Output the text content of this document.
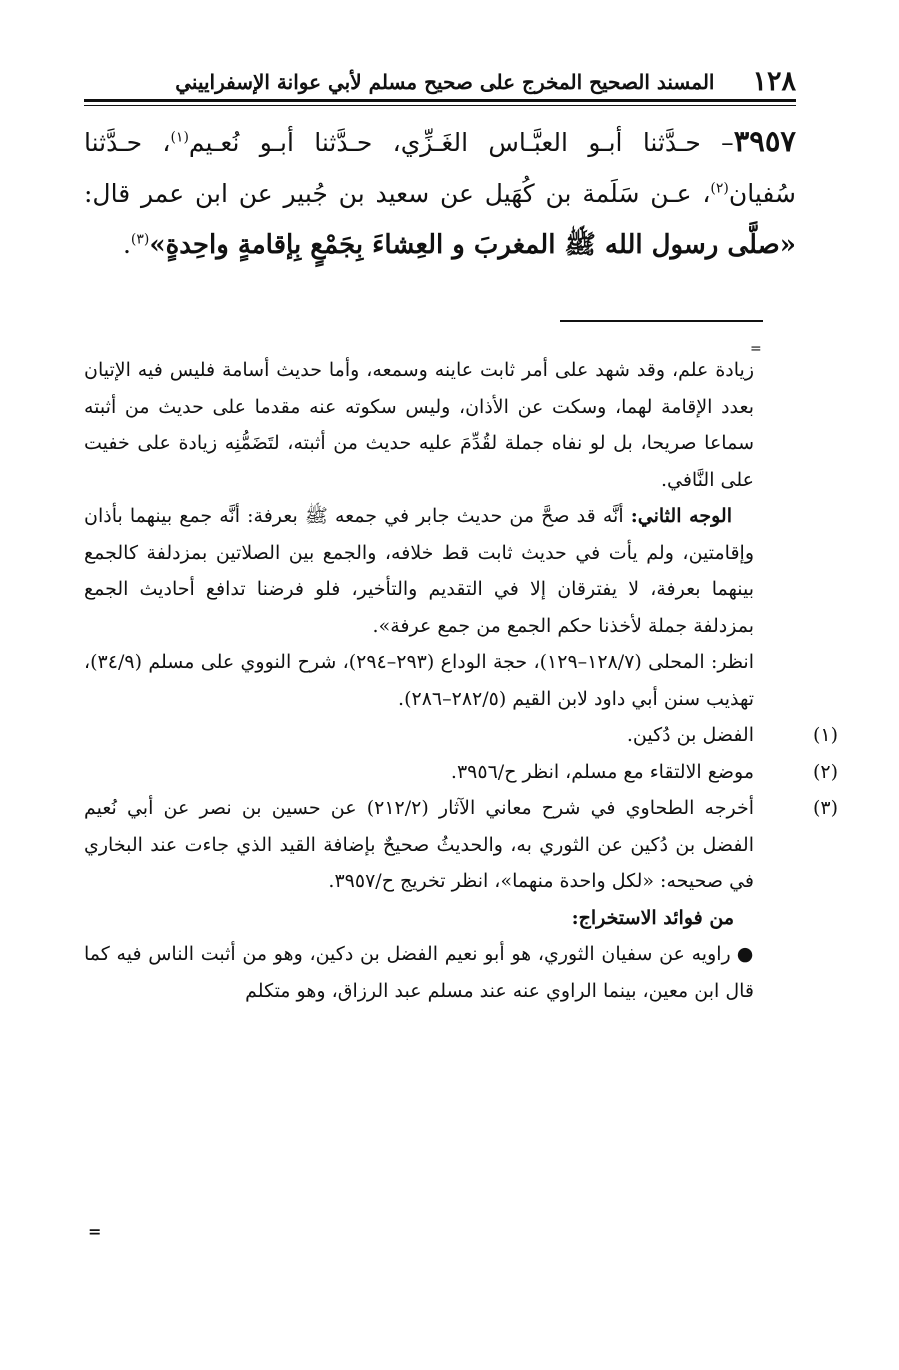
١٢٨
المسند الصحيح المخرج على صحيح مسلم لأبي عوانة الإسفراييني

٣٩٥٧– حـدَّثنا أبـو العبَّـاس الغَـزِّي، حـدَّثنا أبـو نُعـيم$^{(١)}$، حـدَّثنا سُفيان$^{(٢)}$، عـن سَلَمة بن كُهَيل عن سعيد بن جُبير عن ابن عمر قال: «صلَّى رسول الله ﷺ المغربَ و العِشاءَ بِجَمْعٍ بِإقامةٍ واحِدةٍ»$^{(٣)}$.

=

زيادة علم، وقد شهد على أمر ثابت عاينه وسمعه، وأما حديث أسامة فليس فيه الإتيان بعدد الإقامة لهما، وسكت عن الأذان، وليس سكوته عنه مقدما على حديث من أثبته سماعا صريحا، بل لو نفاه جملة لقُدِّمَ عليه حديث من أثبته، لتَضَمُّنِه زيادة على خفيت على النَّافي.

الوجه الثاني: أنَّه قد صحَّ من حديث جابر في جمعه ﷺ بعرفة: أنَّه جمع بينهما بأذان وإقامتين، ولم يأت في حديث ثابت قط خلافه، والجمع بين الصلاتين بمزدلفة كالجمع بينهما بعرفة، لا يفترقان إلا في التقديم والتأخير، فلو فرضنا تدافع أحاديث الجمع بمزدلفة جملة لأخذنا حكم الجمع من جمع عرفة».

انظر: المحلى (١٢٨/٧–١٢٩)، حجة الوداع (٢٩٣–٢٩٤)، شرح النووي على مسلم (٣٤/٩)، تهذيب سنن أبي داود لابن القيم (٢٨٢/٥–٢٨٦).

(١)
الفضل بن دُكين.
(٢)
موضع الالتقاء مع مسلم، انظر ح/٣٩٥٦.
(٣)
أخرجه الطحاوي في شرح معاني الآثار (٢١٢/٢) عن حسين بن نصر عن أبي نُعيم الفضل بن دُكين عن الثوري به، والحديثُ صحيحٌ بإضافة القيد الذي جاءت عند البخاري في صحيحه: «لكل واحدة منهما»، انظر تخريج ح/٣٩٥٧.

من فوائد الاستخراج:

● راويه عن سفيان الثوري، هو أبو نعيم الفضل بن دكين، وهو من أثبت الناس فيه كما قال ابن معين، بينما الراوي عنه عند مسلم عبد الرزاق، وهو متكلم

=
